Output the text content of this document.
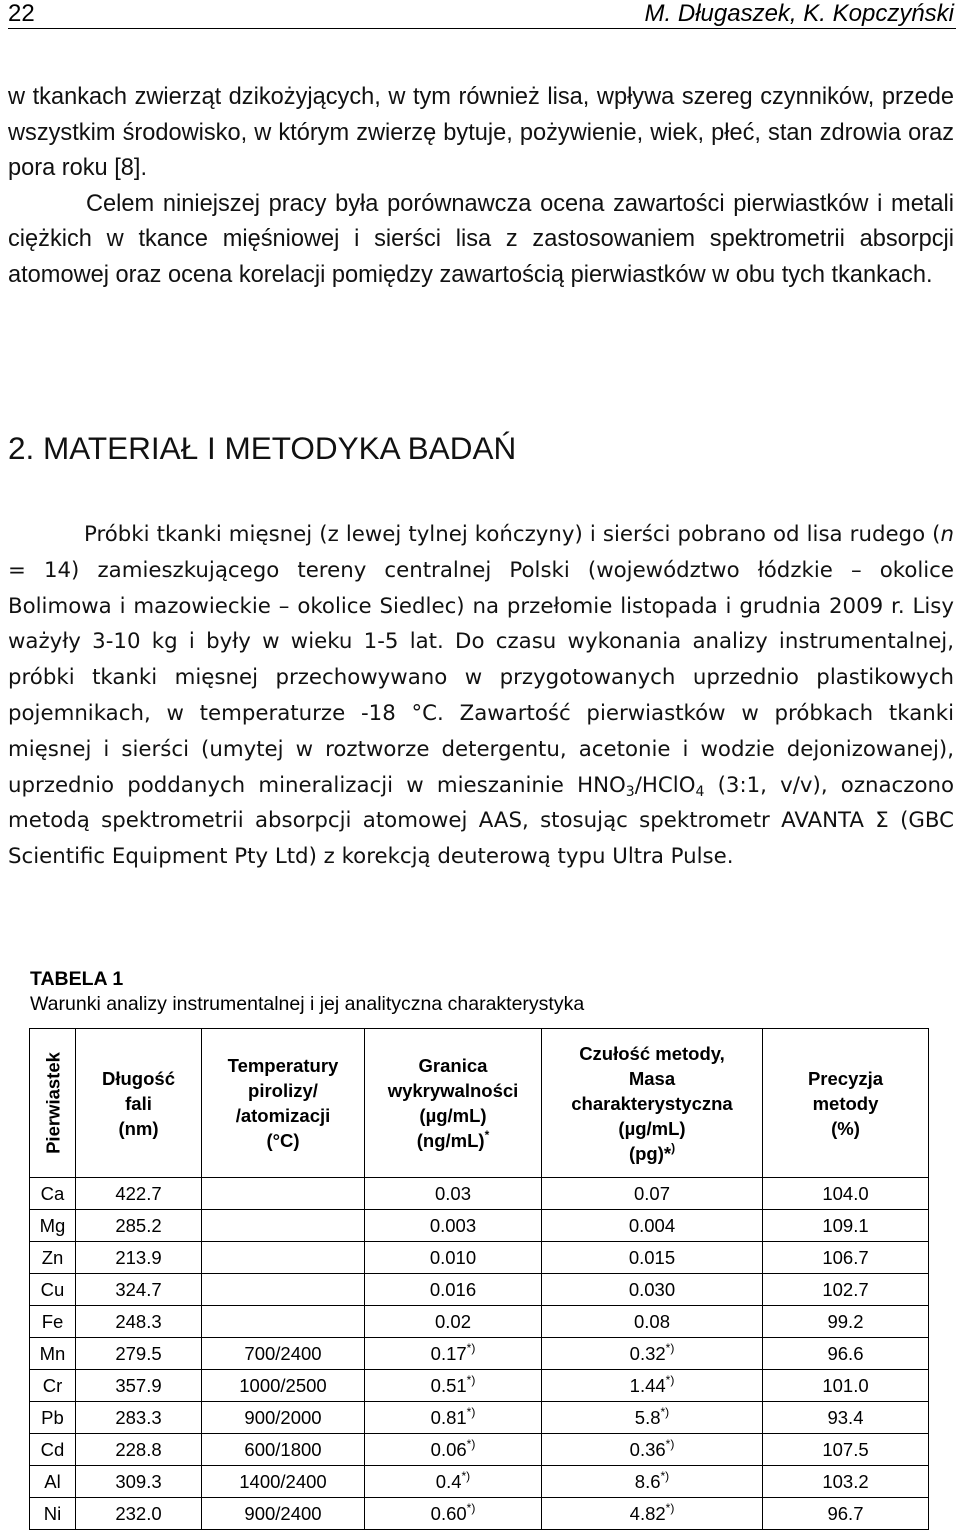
22	M. Długaszek, K. Kopczyński

w tkankach zwierząt dzikożyjących, w tym również lisa, wpływa szereg czynników, przede wszystkim środowisko, w którym zwierzę bytuje, pożywienie, wiek, płeć, stan zdrowia oraz pora roku [8].

Celem niniejszej pracy była porównawcza ocena zawartości pierwiastków i metali ciężkich w tkance mięśniowej i sierści lisa z zastosowaniem spektrometrii absorpcji atomowej oraz ocena korelacji pomiędzy zawartością pierwiastków w obu tych tkankach.

2. MATERIAŁ I METODYKA BADAŃ

Próbki tkanki mięsnej (z lewej tylnej kończyny) i sierści pobrano od lisa rudego (n = 14) zamieszkującego tereny centralnej Polski (województwo łódzkie – okolice Bolimowa i mazowieckie – okolice Siedlec) na przełomie listopada i grudnia 2009 r. Lisy ważyły 3-10 kg i były w wieku 1-5 lat. Do czasu wykonania analizy instrumentalnej, próbki tkanki mięsnej przechowywano w przygotowanych uprzednio plastikowych pojemnikach, w temperaturze -18 °C. Zawartość pierwiastków w próbkach tkanki mięsnej i sierści (umytej w roztworze detergentu, acetonie i wodzie dejonizowanej), uprzednio poddanych mineralizacji w mieszaninie $HNO_3/HClO_4$ (3:1, v/v), oznaczono metodą spektrometrii absorpcji atomowej AAS, stosując spektrometr AVANTA Σ (GBC Scientific Equipment Pty Ltd) z korekcją deuterową typu Ultra Pulse.

TABELA 1
Warunki analizy instrumentalnej i jej analityczna charakterystyka
Pierwiastek	Długość
fali
(nm)	Temperatury
pirolizy/
/atomizacji
(°C)	Granica
wykrywalności
(µg/mL)
(ng/mL)*	Czułość metody,
Masa
charakterystyczna
(µg/mL)
(pg)*)	Precyzja
metody
(%)
Ca	422.7		0.03	0.07	104.0
Mg	285.2		0.003	0.004	109.1
Zn	213.9		0.010	0.015	106.7
Cu	324.7		0.016	0.030	102.7
Fe	248.3		0.02	0.08	99.2
Mn	279.5	700/2400	0.17*)	0.32*)	96.6
Cr	357.9	1000/2500	0.51*)	1.44*)	101.0
Pb	283.3	900/2000	0.81*)	5.8*)	93.4
Cd	228.8	600/1800	0.06*)	0.36*)	107.5
Al	309.3	1400/2400	0.4*)	8.6*)	103.2
Ni	232.0	900/2400	0.60*)	4.82*)	96.7
